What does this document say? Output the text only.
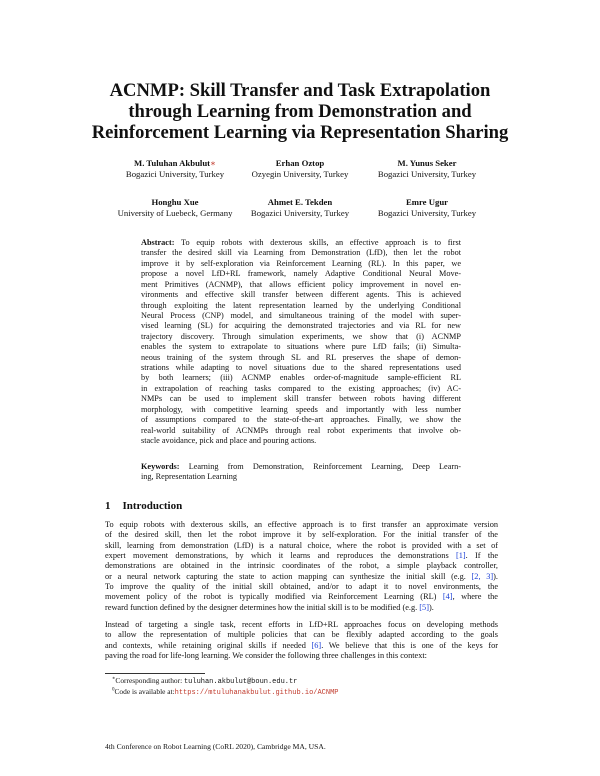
ACNMP: Skill Transfer and Task Extrapolation
through Learning from Demonstration and
Reinforcement Learning via Representation Sharing
M. Tuluhan Akbulut∗
Bogazici University, Turkey
Erhan Oztop
Ozyegin University, Turkey
M. Yunus Seker
Bogazici University, Turkey
Honghu Xue
University of Luebeck, Germany
Ahmet E. Tekden
Bogazici University, Turkey
Emre Ugur
Bogazici University, Turkey
Abstract: To equip robots with dexterous skills, an effective approach is to first
transfer the desired skill via Learning from Demonstration (LfD), then let the robot
improve it by self-exploration via Reinforcement Learning (RL). In this paper, we
propose a novel LfD+RL framework, namely Adaptive Conditional Neural Move-
ment Primitives (ACNMP), that allows efficient policy improvement in novel en-
vironments and effective skill transfer between different agents. This is achieved
through exploiting the latent representation learned by the underlying Conditional
Neural Process (CNP) model, and simultaneous training of the model with super-
vised learning (SL) for acquiring the demonstrated trajectories and via RL for new
trajectory discovery. Through simulation experiments, we show that (i) ACNMP
enables the system to extrapolate to situations where pure LfD fails; (ii) Simulta-
neous training of the system through SL and RL preserves the shape of demon-
strations while adapting to novel situations due to the shared representations used
by both learners; (iii) ACNMP enables order-of-magnitude sample-efficient RL
in extrapolation of reaching tasks compared to the existing approaches; (iv) AC-
NMPs can be used to implement skill transfer between robots having different
morphology, with competitive learning speeds and importantly with less number
of assumptions compared to the state-of-the-art approaches. Finally, we show the
real-world suitability of ACNMPs through real robot experiments that involve ob-
stacle avoidance, pick and place and pouring actions.
Keywords: Learning from Demonstration, Reinforcement Learning, Deep Learn-
ing, Representation Learning
1 Introduction
To equip robots with dexterous skills, an effective approach is to first transfer an approximate version
of the desired skill, then let the robot improve it by self-exploration. For the initial transfer of the
skill, learning from demonstration (LfD) is a natural choice, where the robot is provided with a set of
expert movement demonstrations, by which it learns and reproduces the demonstrations [1]. If the
demonstrations are obtained in the intrinsic coordinates of the robot, a simple playback controller,
or a neural network capturing the state to action mapping can synthesize the initial skill (e.g. [2, 3]).
To improve the quality of the initial skill obtained, and/or to adapt it to novel environments, the
movement policy of the robot is typically modified via Reinforcement Learning (RL) [4], where the
reward function defined by the designer determines how the initial skill is to be modified (e.g. [5]).
Instead of targeting a single task, recent efforts in LfD+RL approaches focus on developing methods
to allow the representation of multiple policies that can be flexibly adapted according to the goals
and contexts, while retaining original skills if needed [6]. We believe that this is one of the keys for
paving the road for life-long learning. We consider the following three challenges in this context:
∗Corresponding author: tuluhan.akbulut@boun.edu.tr
$^0$Code is available at:https://mtuluhanakbulut.github.io/ACNMP
4th Conference on Robot Learning (CoRL 2020), Cambridge MA, USA.
